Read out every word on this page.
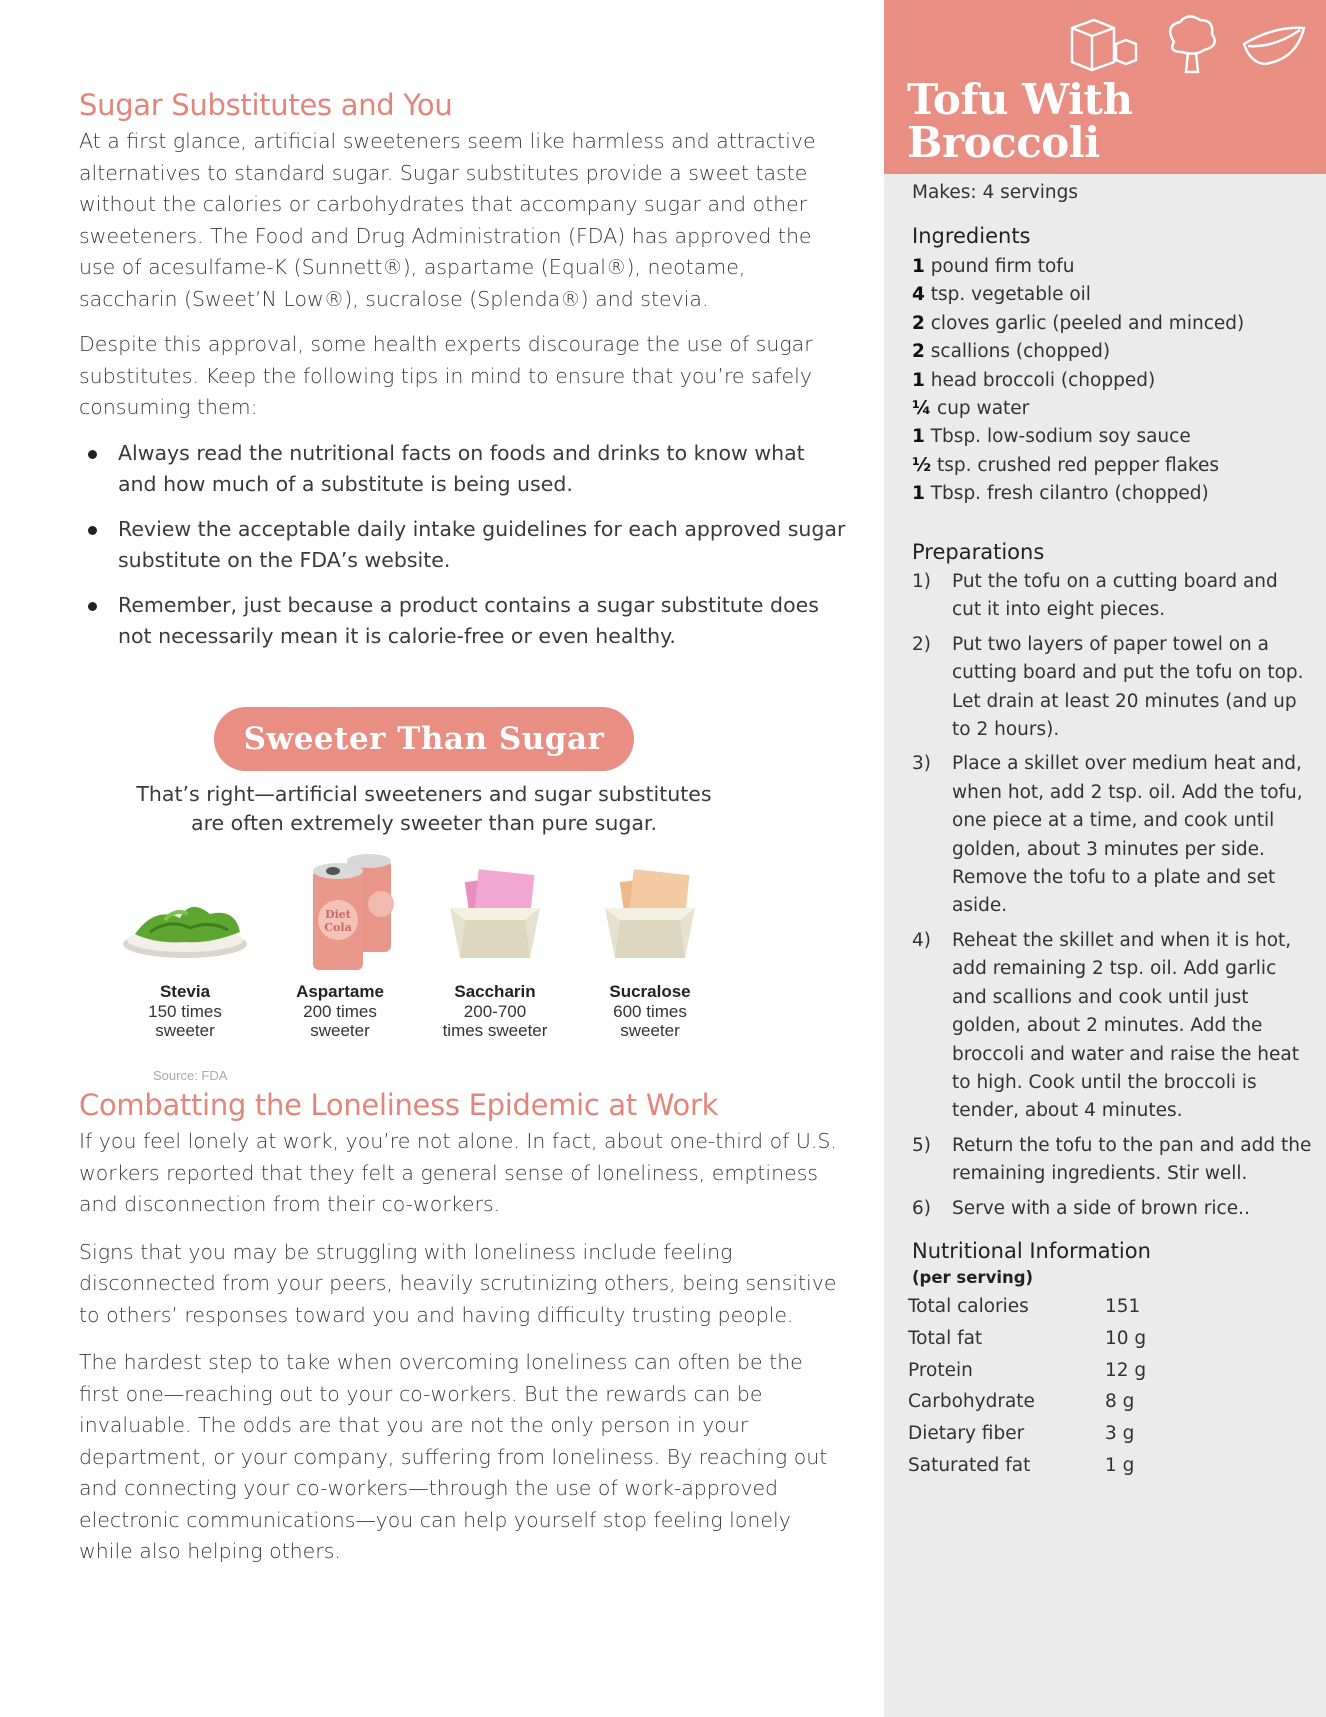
Sugar Substitutes and You

At a first glance, artificial sweeteners seem like harmless and attractive alternatives to standard sugar. Sugar substitutes provide a sweet taste without the calories or carbohydrates that accompany sugar and other sweeteners. The Food and Drug Administration (FDA) has approved the use of acesulfame-K (Sunnett®), aspartame (Equal®), neotame, saccharin (Sweet’N Low®), sucralose (Splenda®) and stevia.

Despite this approval, some health experts discourage the use of sugar substitutes. Keep the following tips in mind to ensure that you’re safely consuming them:

Always read the nutritional facts on foods and drinks to know what and how much of a substitute is being used.
Review the acceptable daily intake guidelines for each approved sugar substitute on the FDA’s website.
Remember, just because a product contains a sugar substitute does not necessarily mean it is calorie-free or even healthy.
Sweeter Than Sugar
That’s right—artificial sweeteners and sugar substitutes
are often extremely sweeter than pure sugar.
Stevia
150 times
sweeter
Diet
Cola
Aspartame
200 times
sweeter
Saccharin
200-700
times sweeter
Sucralose
600 times
sweeter
Source: FDA
Combatting the Loneliness Epidemic at Work

If you feel lonely at work, you’re not alone. In fact, about one-third of U.S. workers reported that they felt a general sense of loneliness, emptiness and disconnection from their co-workers.

Signs that you may be struggling with loneliness include feeling disconnected from your peers, heavily scrutinizing others, being sensitive to others’ responses toward you and having difficulty trusting people.

The hardest step to take when overcoming loneliness can often be the first one—reaching out to your co-workers. But the rewards can be invaluable. The odds are that you are not the only person in your department, or your company, suffering from loneliness. By reaching out and connecting your co-workers—through the use of work-approved electronic communications—you can help yourself stop feeling lonely while also helping others.

Tofu With
Broccoli
Makes: 4 servings
Ingredients
1 pound firm tofu
4 tsp. vegetable oil
2 cloves garlic (peeled and minced)
2 scallions (chopped)
1 head broccoli (chopped)
¼ cup water
1 Tbsp. low-sodium soy sauce
½ tsp. crushed red pepper flakes
1 Tbsp. fresh cilantro (chopped)
Preparations
1) Put the tofu on a cutting board and cut it into eight pieces.
2) Put two layers of paper towel on a cutting board and put the tofu on top. Let drain at least 20 minutes (and up to 2 hours).
3) Place a skillet over medium heat and, when hot, add 2 tsp. oil. Add the tofu, one piece at a time, and cook until golden, about 3 minutes per side. Remove the tofu to a plate and set aside.
4) Reheat the skillet and when it is hot, add remaining 2 tsp. oil. Add garlic and scallions and cook until just golden, about 2 minutes. Add the broccoli and water and raise the heat to high. Cook until the broccoli is tender, about 4 minutes.
5) Return the tofu to the pan and add the remaining ingredients. Stir well.
6) Serve with a side of brown rice..
Nutritional Information
(per serving)
Total calories	151
Total fat	10 g
Protein	12 g
Carbohydrate	8 g
Dietary fiber	3 g
Saturated fat	1 g
